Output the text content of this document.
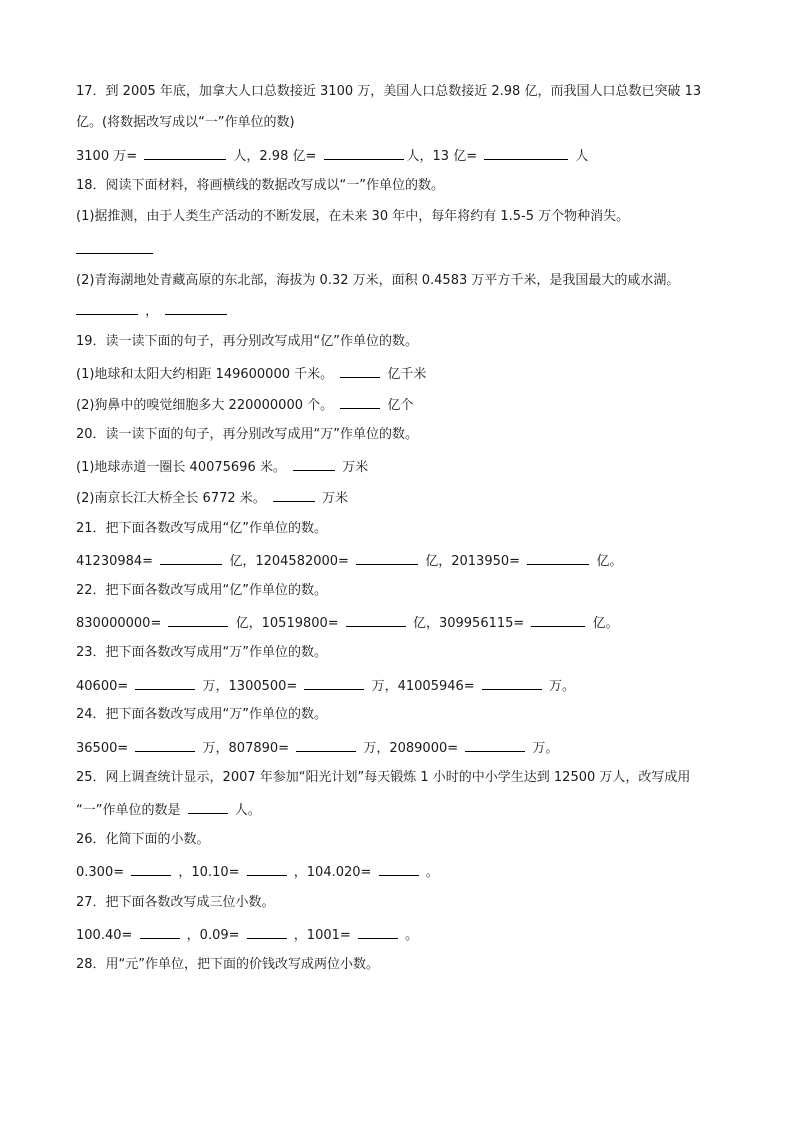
17．到 2005 年底，加拿大人口总数接近 3100 万，美国人口总数接近 2.98 亿，而我国人口总数已突破 13
亿。(将数据改写成以“一”作单位的数)
3100 万=	人，2.98 亿=	人，13 亿=	人
18．阅读下面材料，将画横线的数据改写成以“一”作单位的数。
(1)据推测，由于人类生产活动的不断发展，在未来 30 年中，每年将约有 1.5-5 万个物种消失。
(2)青海湖地处青藏高原的东北部，海拔为 0.32 万米，面积 0.4583 万平方千米，是我国最大的咸水湖。
，
19．读一读下面的句子，再分别改写成用“亿”作单位的数。
(1)地球和太阳大约相距 149600000 千米。	亿千米
(2)狗鼻中的嗅觉细胞多大 220000000 个。	亿个
20．读一读下面的句子，再分别改写成用“万”作单位的数。
(1)地球赤道一圈长 40075696 米。	万米
(2)南京长江大桥全长 6772 米。	万米
21．把下面各数改写成用“亿”作单位的数。
41230984=	亿，1204582000=	亿，2013950=	亿。
22．把下面各数改写成用“亿”作单位的数。
830000000=	亿，10519800=	亿，309956115=	亿。
23．把下面各数改写成用“万”作单位的数。
40600=	万，1300500=	万，41005946=	万。
24．把下面各数改写成用“万”作单位的数。
36500=	万，807890=	万，2089000=	万。
25．网上调查统计显示，2007 年参加“阳光计划”每天锻炼 1 小时的中小学生达到 12500 万人，改写成用
“一”作单位的数是	人。
26．化简下面的小数。
0.300=	，10.10=	，104.020=	。
27．把下面各数改写成三位小数。
100.40=	，0.09=	，1001=	。
28．用“元”作单位，把下面的价钱改写成两位小数。
